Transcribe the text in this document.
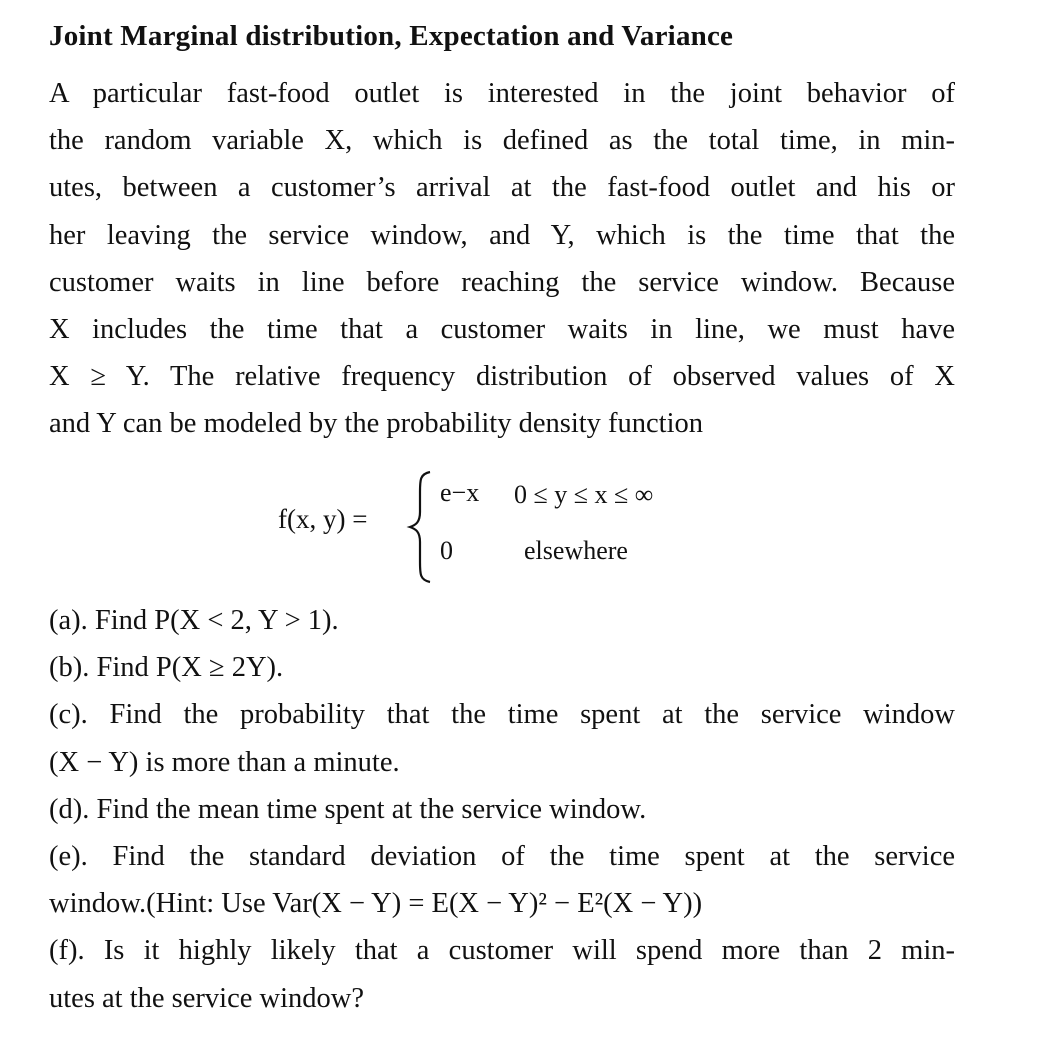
Joint Marginal distribution, Expectation and Variance

A particular fast-food outlet is interested in the joint behavior of
the random variable X, which is defined as the total time, in min-
utes, between a customer’s arrival at the fast-food outlet and his or
her leaving the service window, and Y, which is the time that the
customer waits in line before reaching the service window. Because
X includes the time that a customer waits in line, we must have
X ≥ Y. The relative frequency distribution of observed values of X
and Y can be modeled by the probability density function

f(x, y) =
e−x 0 ≤ y ≤ x ≤ ∞
0	elsewhere
(a). Find P(X < 2, Y > 1).
(b). Find P(X ≥ 2Y).
(c). Find the probability that the time spent at the service window
(X − Y) is more than a minute.
(d). Find the mean time spent at the service window.
(e). Find the standard deviation of the time spent at the service
window.(Hint: Use Var(X − Y) = E(X − Y)² − E²(X − Y))
(f). Is it highly likely that a customer will spend more than 2 min-
utes at the service window?
